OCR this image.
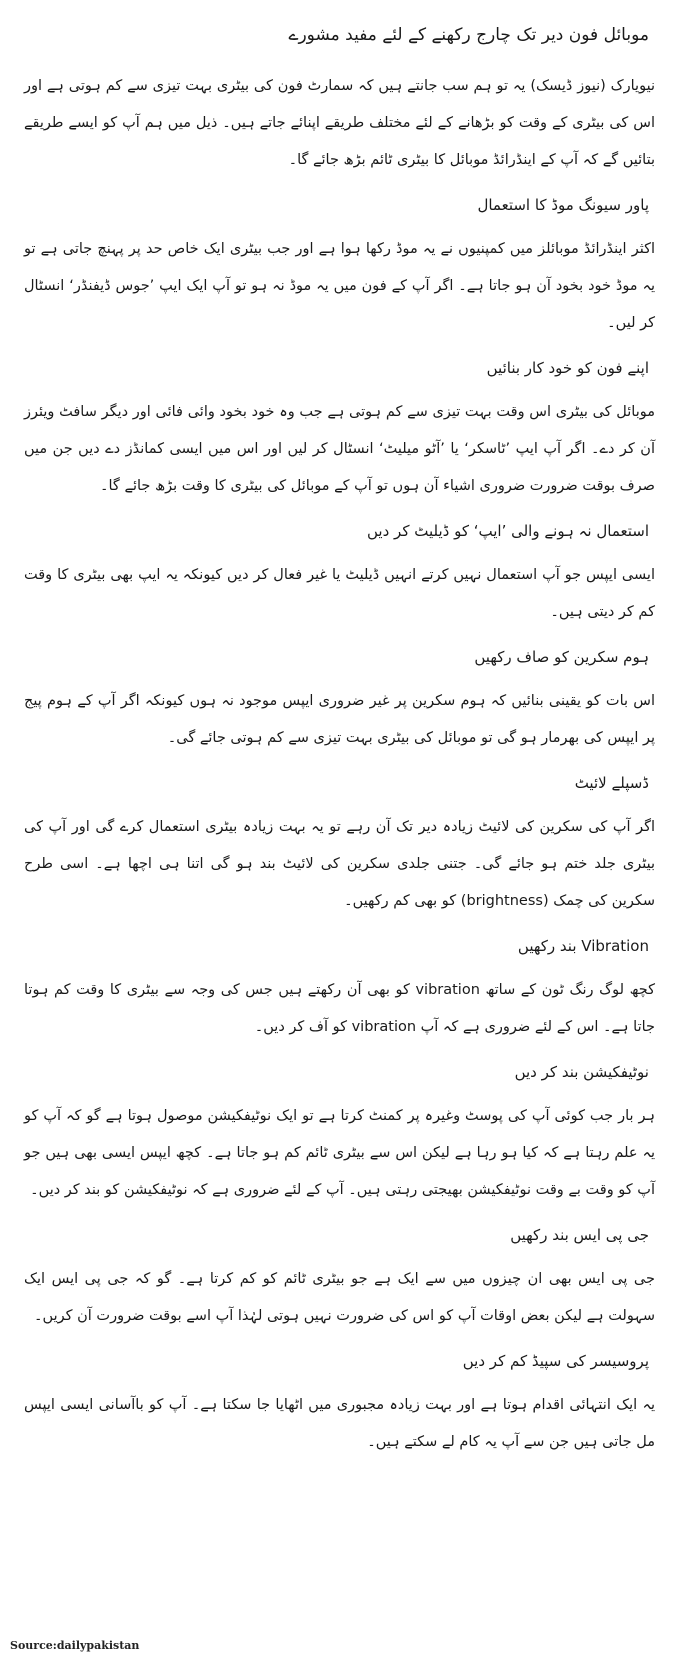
موبائل فون دیر تک چارج رکھنے کے لئے مفید مشورے
نیویارک (نیوز ڈیسک) یہ تو ہم سب جانتے ہیں کہ سمارٹ فون کی بیٹری بہت تیزی سے کم ہوتی ہے اور اس کی بیٹری کے وقت کو بڑھانے کے لئے مختلف طریقے اپنائے جاتے ہیں۔ ذیل میں ہم آپ کو ایسے طریقے بتائیں گے کہ آپ کے اینڈرائڈ موبائل کا بیٹری ٹائم بڑھ جائے گا۔
پاور سیونگ موڈ کا استعمال
اکثر اینڈرائڈ موبائلز میں کمپنیوں نے یہ موڈ رکھا ہوا ہے اور جب بیٹری ایک خاص حد پر پہنچ جاتی ہے تو یہ موڈ خود بخود آن ہو جاتا ہے۔ اگر آپ کے فون میں یہ موڈ نہ ہو تو آپ ایک ایپ ’جوس ڈیفنڈر‘ انسٹال کر لیں۔
اپنے فون کو خود کار بنائیں
موبائل کی بیٹری اس وقت بہت تیزی سے کم ہوتی ہے جب وہ خود بخود وائی فائی اور دیگر سافٹ ویئرز آن کر دے۔ اگر آپ ایپ ’ٹاسکر‘ یا ’آٹو میلیٹ‘ انسٹال کر لیں اور اس میں ایسی کمانڈز دے دیں جن میں صرف بوقت ضرورت ضروری اشیاء آن ہوں تو آپ کے موبائل کی بیٹری کا وقت بڑھ جائے گا۔
استعمال نہ ہونے والی ’ایپ‘ کو ڈیلیٹ کر دیں
ایسی ایپس جو آپ استعمال نہیں کرتے انہیں ڈیلیٹ یا غیر فعال کر دیں کیونکہ یہ ایپ بھی بیٹری کا وقت کم کر دیتی ہیں۔
ہوم سکرین کو صاف رکھیں
اس بات کو یقینی بنائیں کہ ہوم سکرین پر غیر ضروری ایپس موجود نہ ہوں کیونکہ اگر آپ کے ہوم پیج پر ایپس کی بھرمار ہو گی تو موبائل کی بیٹری بہت تیزی سے کم ہوتی جائے گی۔
ڈسپلے لائیٹ
اگر آپ کی سکرین کی لائیٹ زیادہ دیر تک آن رہے تو یہ بہت زیادہ بیٹری استعمال کرے گی اور آپ کی بیٹری جلد ختم ہو جائے گی۔ جتنی جلدی سکرین کی لائیٹ بند ہو گی اتنا ہی اچھا ہے۔ اسی طرح سکرین کی چمک (brightness) کو بھی کم رکھیں۔
Vibration بند رکھیں
کچھ لوگ رنگ ٹون کے ساتھ vibration کو بھی آن رکھتے ہیں جس کی وجہ سے بیٹری کا وقت کم ہوتا جاتا ہے۔ اس کے لئے ضروری ہے کہ آپ vibration کو آف کر دیں۔
نوٹیفکیشن بند کر دیں
ہر بار جب کوئی آپ کی پوسٹ وغیرہ پر کمنٹ کرتا ہے تو ایک نوٹیفکیشن موصول ہوتا ہے گو کہ آپ کو یہ علم رہتا ہے کہ کیا ہو رہا ہے لیکن اس سے بیٹری ٹائم کم ہو جاتا ہے۔ کچھ ایپس ایسی بھی ہیں جو آپ کو وقت بے وقت نوٹیفکیشن بھیجتی رہتی ہیں۔ آپ کے لئے ضروری ہے کہ نوٹیفکیشن کو بند کر دیں۔
جی پی ایس بند رکھیں
جی پی ایس بھی ان چیزوں میں سے ایک ہے جو بیٹری ٹائم کو کم کرتا ہے۔ گو کہ جی پی ایس ایک سہولت ہے لیکن بعض اوقات آپ کو اس کی ضرورت نہیں ہوتی لہٰذا آپ اسے بوقت ضرورت آن کریں۔
پروسیسر کی سپیڈ کم کر دیں
یہ ایک انتہائی اقدام ہوتا ہے اور بہت زیادہ مجبوری میں اٹھایا جا سکتا ہے۔ آپ کو باآسانی ایسی ایپس مل جاتی ہیں جن سے آپ یہ کام لے سکتے ہیں۔
Source:dailypakistan
